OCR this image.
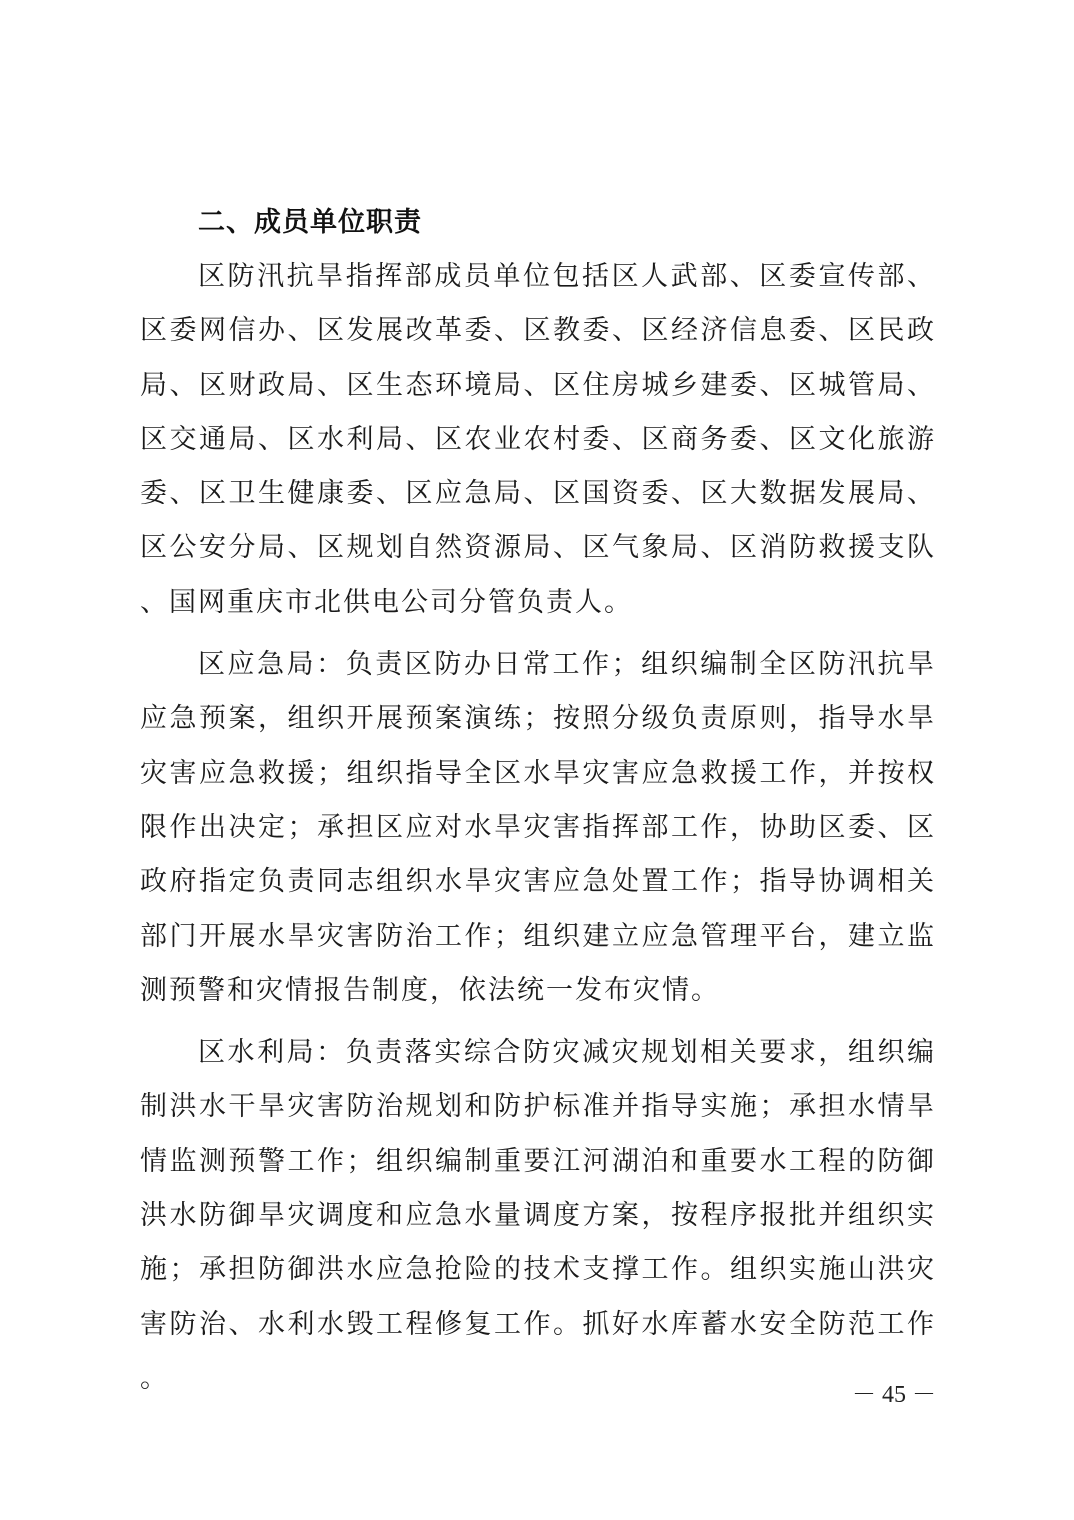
二、成员单位职责

区防汛抗旱指挥部成员单位包括区人武部、区委宣传部、区委网信办、区发展改革委、区教委、区经济信息委、区民政局、区财政局、区生态环境局、区住房城乡建委、区城管局、区交通局、区水利局、区农业农村委、区商务委、区文化旅游委、区卫生健康委、区应急局、区国资委、区大数据发展局、区公安分局、区规划自然资源局、区气象局、区消防救援支队、国网重庆市北供电公司分管负责人。

区应急局：负责区防办日常工作；组织编制全区防汛抗旱应急预案，组织开展预案演练；按照分级负责原则，指导水旱灾害应急救援；组织指导全区水旱灾害应急救援工作，并按权限作出决定；承担区应对水旱灾害指挥部工作，协助区委、区政府指定负责同志组织水旱灾害应急处置工作；指导协调相关部门开展水旱灾害防治工作；组织建立应急管理平台，建立监测预警和灾情报告制度，依法统一发布灾情。

区水利局：负责落实综合防灾减灾规划相关要求，组织编制洪水干旱灾害防治规划和防护标准并指导实施；承担水情旱情监测预警工作；组织编制重要江河湖泊和重要水工程的防御洪水防御旱灾调度和应急水量调度方案，按程序报批并组织实施；承担防御洪水应急抢险的技术支撑工作。组织实施山洪灾害防治、水利水毁工程修复工作。抓好水库蓄水安全防范工作。

－ 45 －
